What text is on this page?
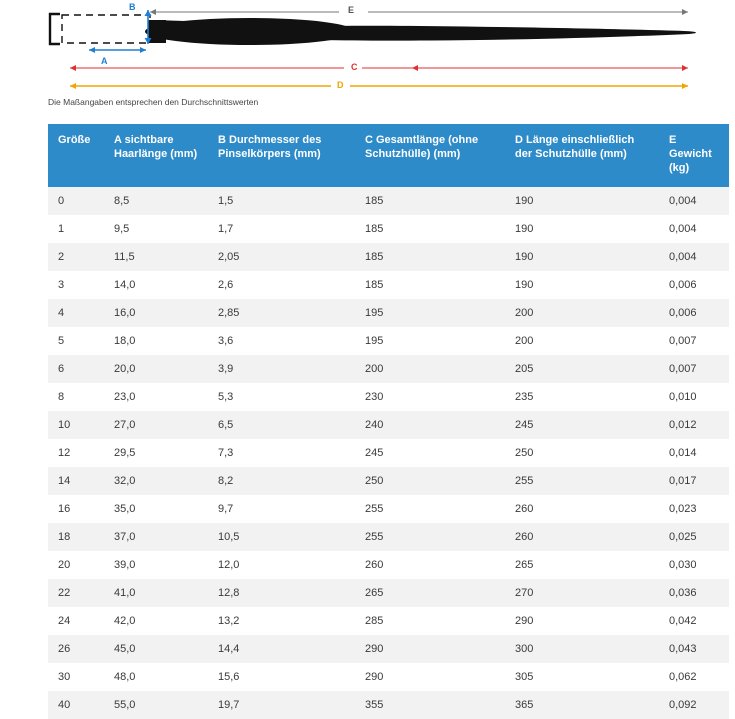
B	E
A
C
D
Die Maßangaben entsprechen den Durchschnittswerten
Größe	A sichtbare Haarlänge (mm)	B Durchmesser des Pinselkörpers (mm)	C Gesamtlänge (ohne Schutzhülle) (mm)	D Länge einschließlich der Schutzhülle (mm)	E Gewicht (kg)
0	8,5	1,5	185	190	0,004
1	9,5	1,7	185	190	0,004
2	11,5	2,05	185	190	0,004
3	14,0	2,6	185	190	0,006
4	16,0	2,85	195	200	0,006
5	18,0	3,6	195	200	0,007
6	20,0	3,9	200	205	0,007
8	23,0	5,3	230	235	0,010
10	27,0	6,5	240	245	0,012
12	29,5	7,3	245	250	0,014
14	32,0	8,2	250	255	0,017
16	35,0	9,7	255	260	0,023
18	37,0	10,5	255	260	0,025
20	39,0	12,0	260	265	0,030
22	41,0	12,8	265	270	0,036
24	42,0	13,2	285	290	0,042
26	45,0	14,4	290	300	0,043
30	48,0	15,6	290	305	0,062
40	55,0	19,7	355	365	0,092
